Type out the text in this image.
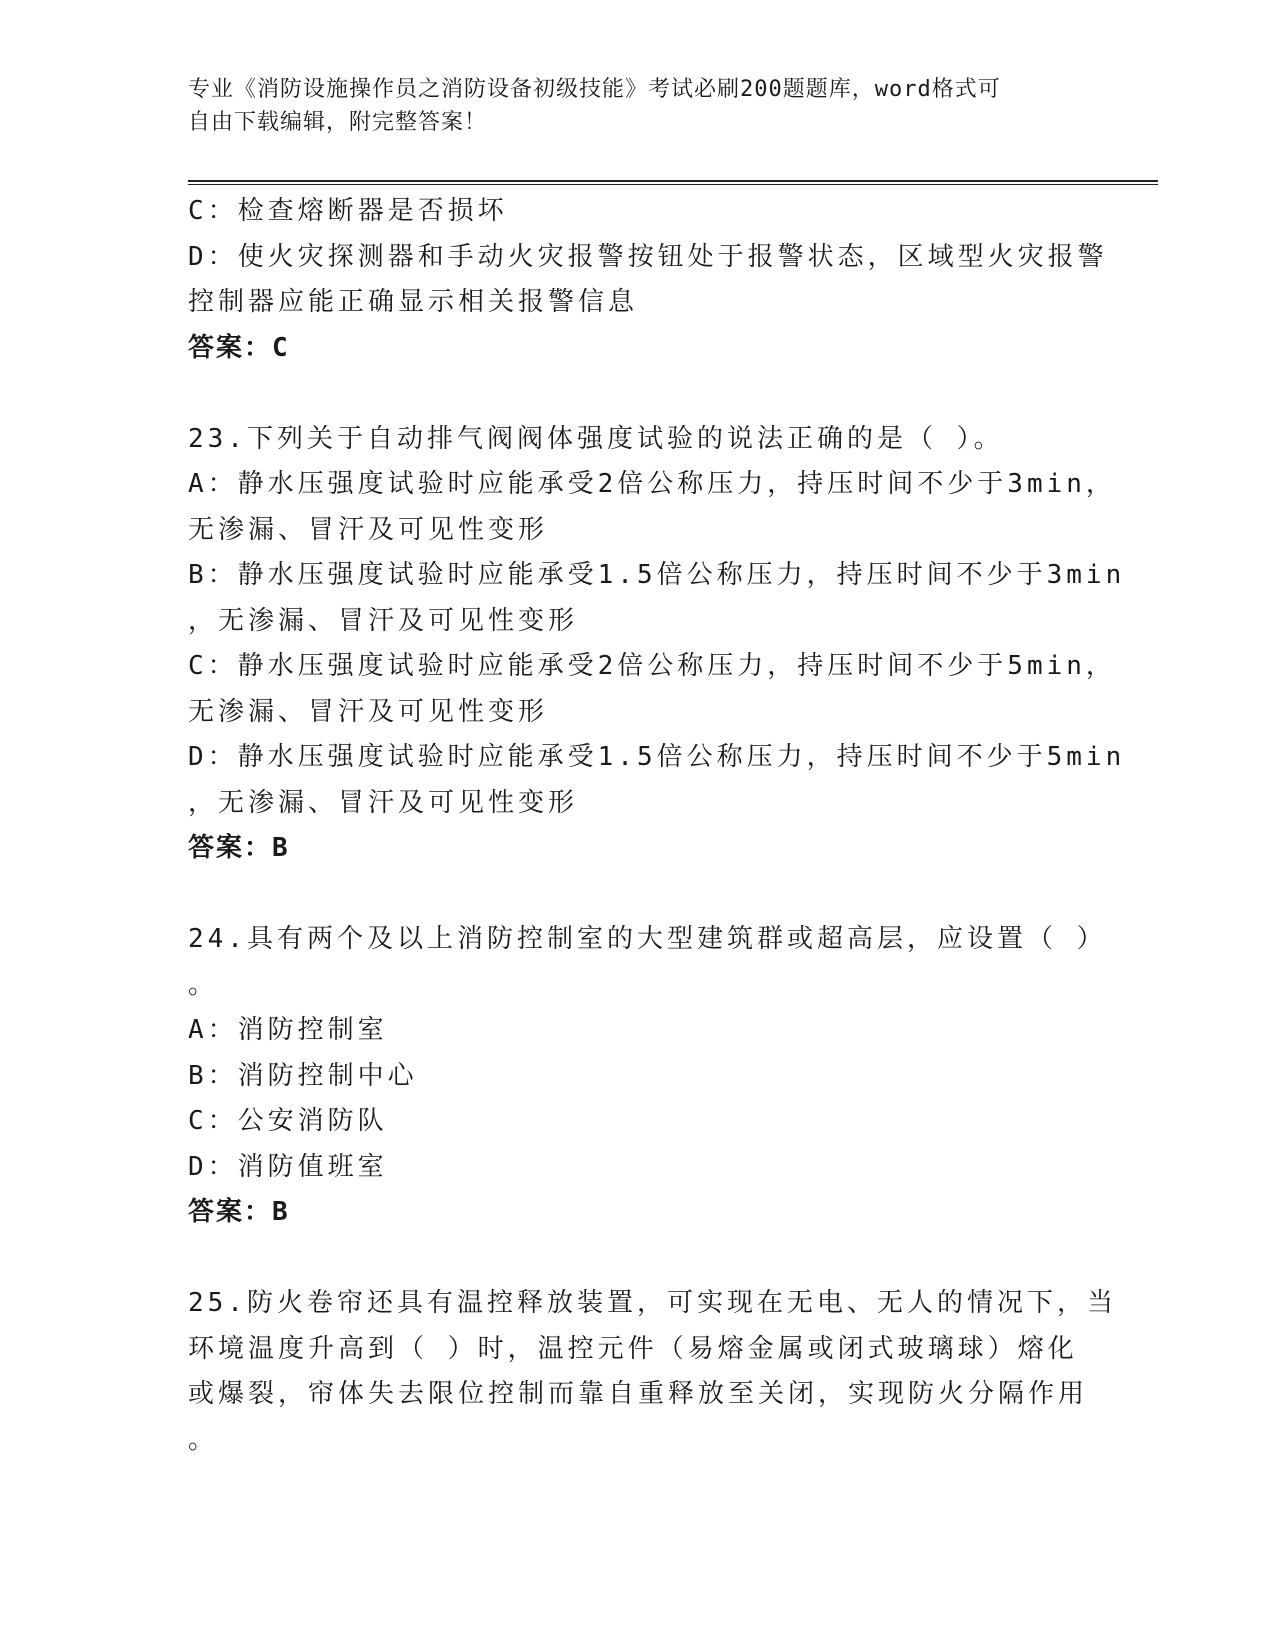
专业《消防设施操作员之消防设备初级技能》考试必刷200题题库，word格式可
自由下载编辑，附完整答案！
C：检查熔断器是否损坏
D：使火灾探测器和手动火灾报警按钮处于报警状态，区域型火灾报警
控制器应能正确显示相关报警信息
答案：C
23.下列关于自动排气阀阀体强度试验的说法正确的是（ ）。
A：静水压强度试验时应能承受2倍公称压力，持压时间不少于3min，
无渗漏、冒汗及可见性变形
B：静水压强度试验时应能承受1.5倍公称压力，持压时间不少于3min
，无渗漏、冒汗及可见性变形
C：静水压强度试验时应能承受2倍公称压力，持压时间不少于5min，
无渗漏、冒汗及可见性变形
D：静水压强度试验时应能承受1.5倍公称压力，持压时间不少于5min
，无渗漏、冒汗及可见性变形
答案：B
24.具有两个及以上消防控制室的大型建筑群或超高层，应设置（ ）
。
A：消防控制室
B：消防控制中心
C：公安消防队
D：消防值班室
答案：B
25.防火卷帘还具有温控释放装置，可实现在无电、无人的情况下，当
环境温度升高到（ ）时，温控元件（易熔金属或闭式玻璃球）熔化
或爆裂，帘体失去限位控制而靠自重释放至关闭，实现防火分隔作用
。
